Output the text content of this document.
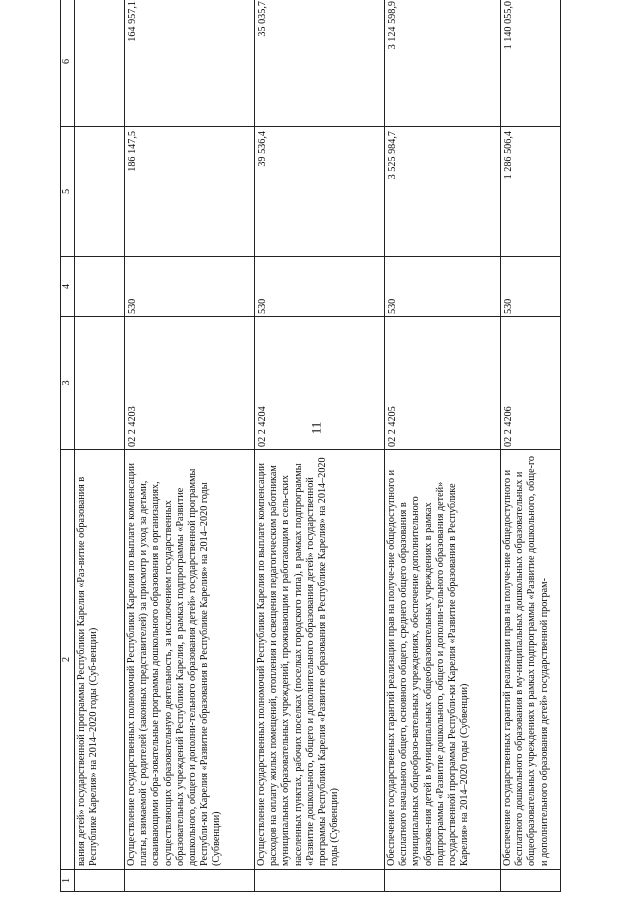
11
1	2	3	4	5	6
	вания детей» государственной программы Республики Карелия «Раз-витие образования в Республике Карелия» на 2014–2020 годы (Суб-венции)				
	Осуществление государственных полномочий Республики Карелия по выплате компенсации платы, взимаемой с родителей (законных представителей) за присмотр и уход за детьми, осваивающими обра-зовательные программы дошкольного образования в организациях, осуществляющих образовательную деятельность, за исключением государственных образовательных учреждений Республики Карелия, в рамках подпрограммы «Развитие дошкольного, общего и дополни-тельного образования детей» государственной программы Республи-ки Карелия «Развитие образования в Республике Карелия» на 2014–2020 годы (Субвенции)	02 2 4203	530	186 147,5	164 957,1
	Осуществление государственных полномочий Республики Карелия по выплате компенсации расходов на оплату жилых помещений, отопления и освещения педагогическим работникам муниципальных образовательных учреждений, проживающим и работающим в сель-ских населенных пунктах, рабочих поселках (поселках городского типа), в рамках подпрограммы «Развитие дошкольного, общего и дополнительного образования детей» государственной программы Республики Карелия «Развитие образования в Республике Карелия» на 2014–2020 годы (Субвенции)	02 2 4204	530	39 536,4	35 035,7
	Обеспечение государственных гарантий реализации прав на получе-ние общедоступного и бесплатного начального общего, основного общего, среднего общего образования в муниципальных общеобразо-вательных учреждениях, обеспечение дополнительного образова-ния детей в муниципальных общеобразовательных учреждениях в рамках подпрограммы «Развитие дошкольного, общего и дополни-тельного образования детей» государственной программы Республи-ки Карелия «Развитие образования в Республике Карелия» на 2014–2020 годы (Субвенции)	02 2 4205	530	3 525 984,7	3 124 598,9
	Обеспечение государственных гарантий реализации прав на получе-ние общедоступного и бесплатного дошкольного образования в му-ниципальных дошкольных образовательных и общеобразовательных учреждениях в рамках подпрограммы «Развитие дошкольного, обще-го и дополнительного образования детей» государственной програм-	02 2 4206	530	1 286 506,4	1 140 055,0
